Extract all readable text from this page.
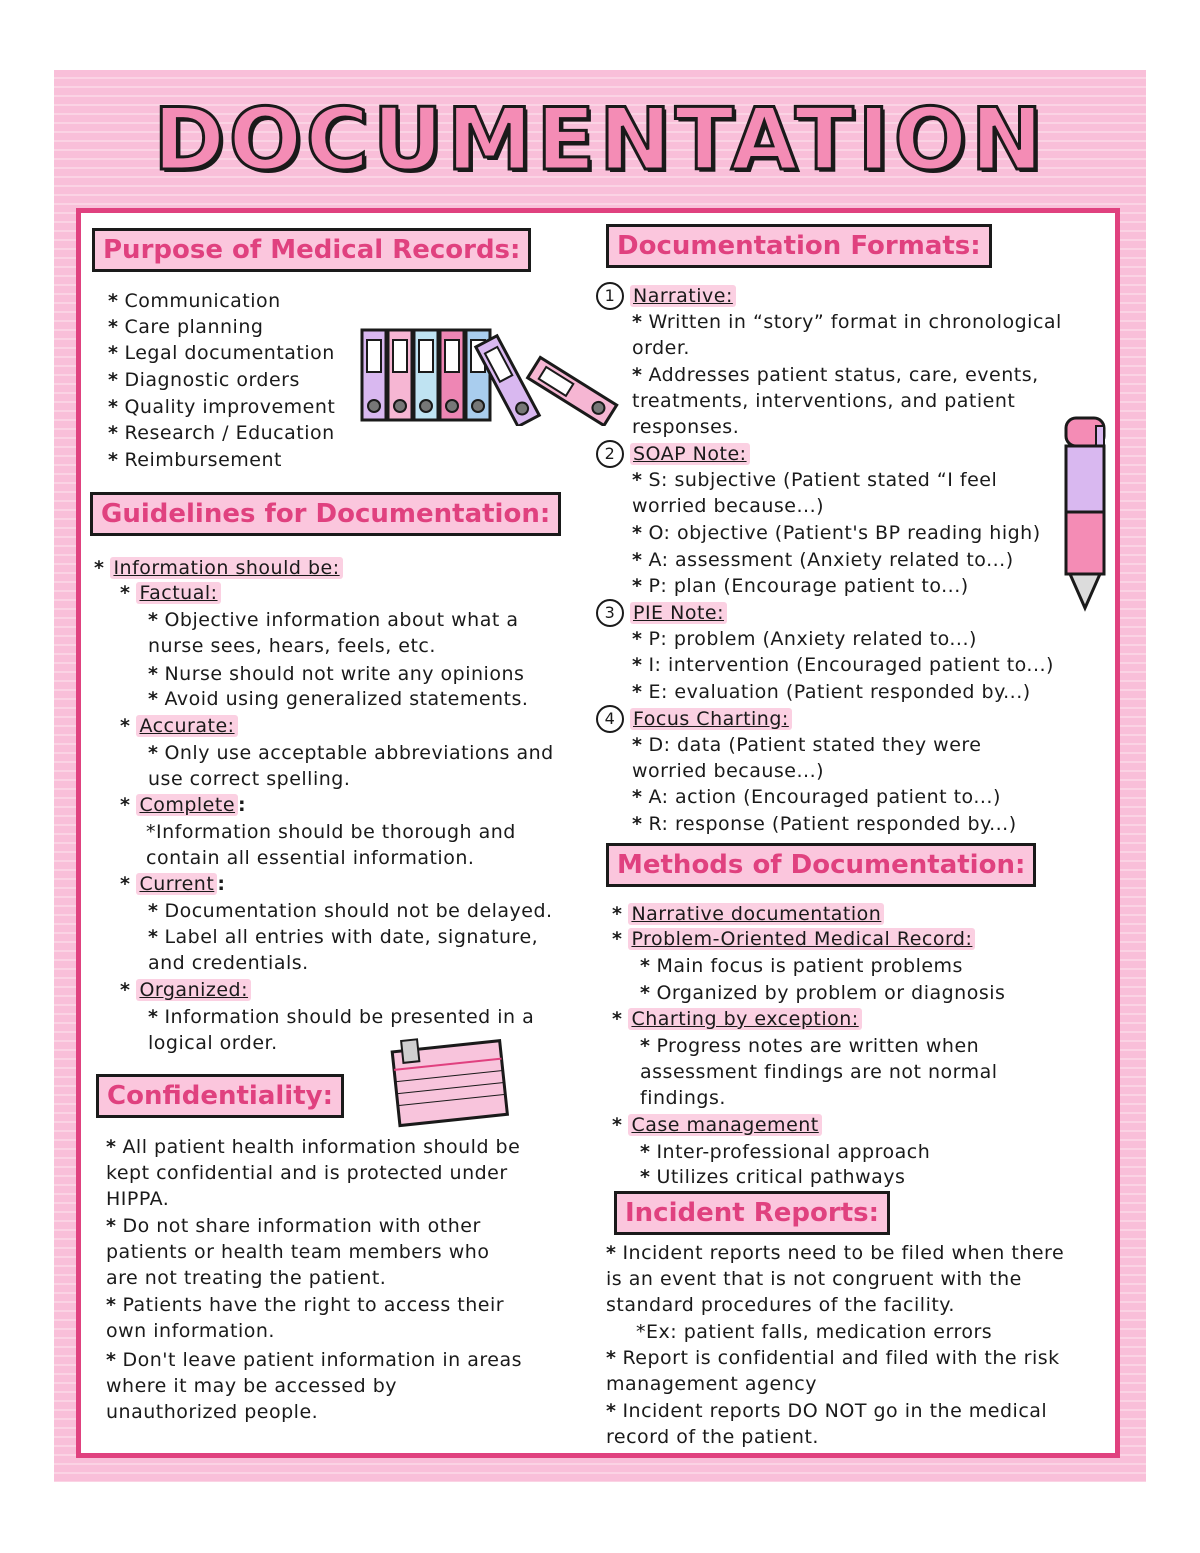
DOCUMENTATION
Purpose of Medical Records:
* Communication
* Care planning
* Legal documentation
* Diagnostic orders
* Quality improvement
* Research / Education
* Reimbursement
Guidelines for Documentation:
* Information should be:
* Factual:
* Objective information about what a
nurse sees, hears, feels, etc.
* Nurse should not write any opinions
* Avoid using generalized statements.
* Accurate:
* Only use acceptable abbreviations and
use correct spelling.
* Complete :
*Information should be thorough and
contain all essential information.
* Current :
* Documentation should not be delayed.
* Label all entries with date, signature,
and credentials.
* Organized:
* Information should be presented in a
logical order.
Confidentiality:
* All patient health information should be
kept confidential and is protected under
HIPPA.
* Do not share information with other
patients or health team members who
are not treating the patient.
* Patients have the right to access their
own information.
* Don't leave patient information in areas
where it may be accessed by
unauthorized people.
Documentation Formats:
1 Narrative:
* Written in “story” format in chronological
order.
* Addresses patient status, care, events,
treatments, interventions, and patient
responses.
2 SOAP Note:
* S: subjective (Patient stated “I feel
worried because...)
* O: objective (Patient's BP reading high)
* A: assessment (Anxiety related to...)
* P: plan (Encourage patient to...)
3 PIE Note:
* P: problem (Anxiety related to...)
* I: intervention (Encouraged patient to...)
* E: evaluation (Patient responded by...)
4 Focus Charting:
* D: data (Patient stated they were
worried because...)
* A: action (Encouraged patient to...)
* R: response (Patient responded by...)
Methods of Documentation:
* Narrative documentation
* Problem-Oriented Medical Record:
* Main focus is patient problems
* Organized by problem or diagnosis
* Charting by exception:
* Progress notes are written when
assessment findings are not normal
findings.
* Case management
* Inter-professional approach
* Utilizes critical pathways
Incident Reports:
* Incident reports need to be filed when there
is an event that is not congruent with the
standard procedures of the facility.
*Ex: patient falls, medication errors
* Report is confidential and filed with the risk
management agency
* Incident reports DO NOT go in the medical
record of the patient.
